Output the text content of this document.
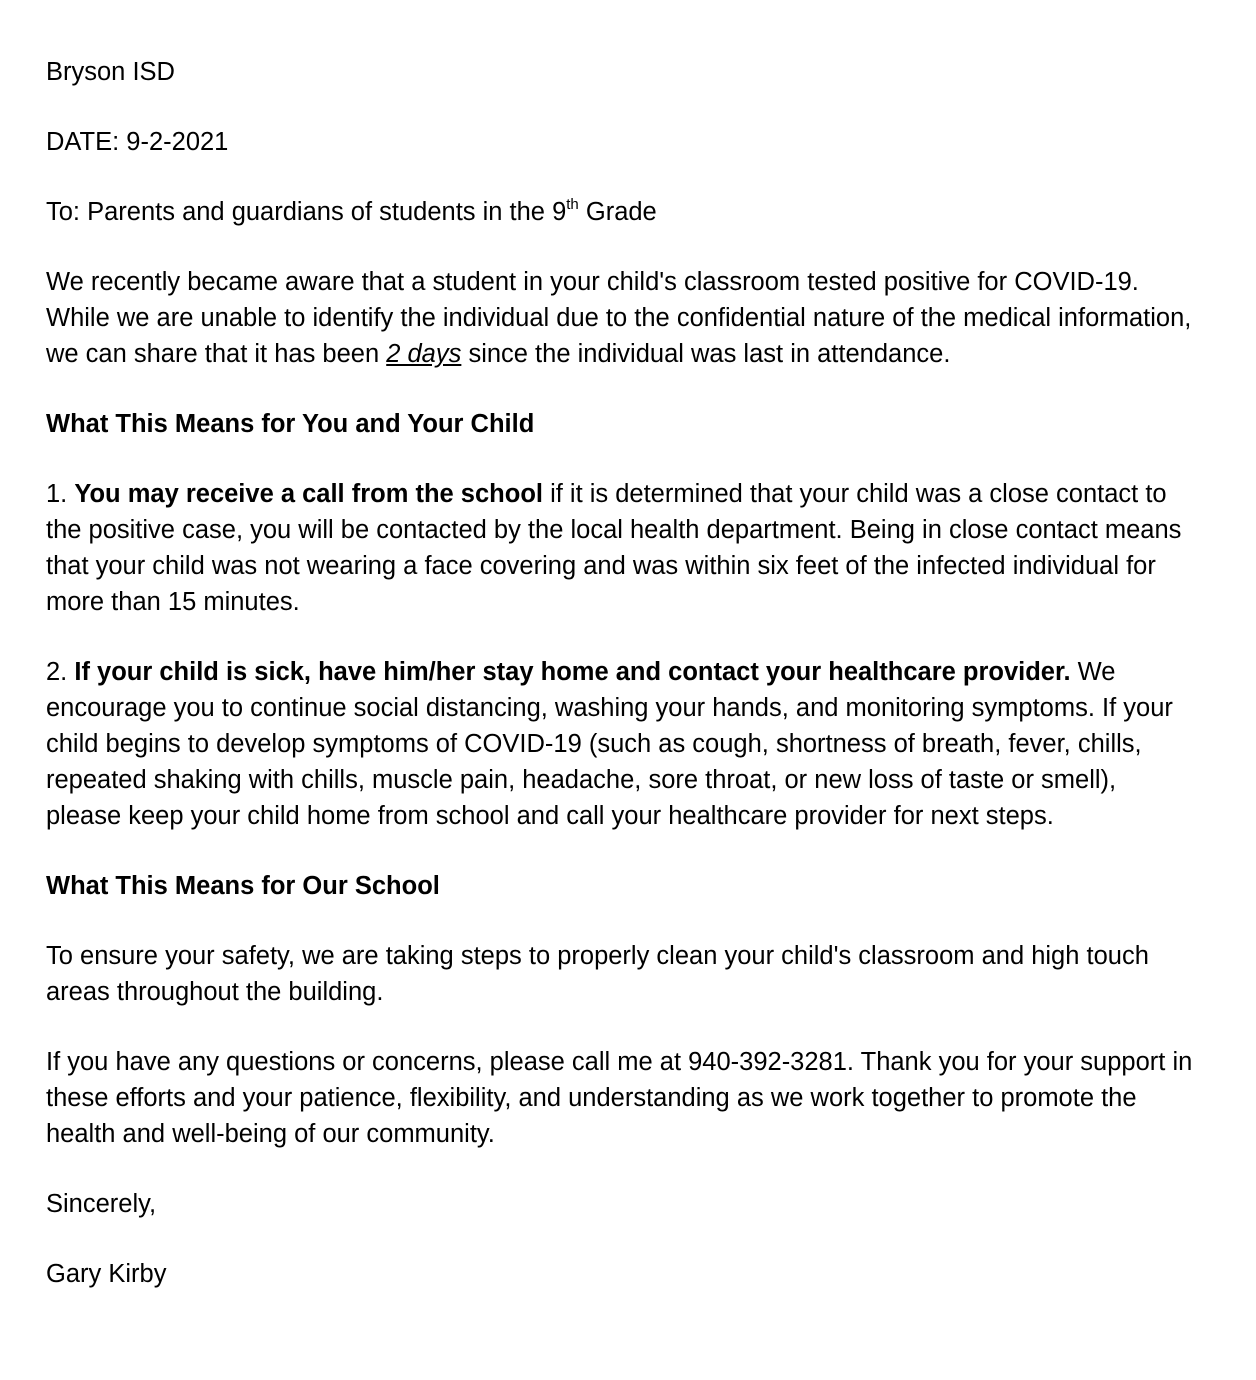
Bryson ISD

DATE: 9-2-2021

To: Parents and guardians of students in the 9th Grade

We recently became aware that a student in your child's classroom tested positive for COVID-19. While we are unable to identify the individual due to the confidential nature of the medical information, we can share that it has been 2 days since the individual was last in attendance.

What This Means for You and Your Child

1. You may receive a call from the school if it is determined that your child was a close contact to the positive case, you will be contacted by the local health department. Being in close contact means that your child was not wearing a face covering and was within six feet of the infected individual for more than 15 minutes.

2. If your child is sick, have him/her stay home and contact your healthcare provider. We encourage you to continue social distancing, washing your hands, and monitoring symptoms. If your child begins to develop symptoms of COVID-19 (such as cough, shortness of breath, fever, chills, repeated shaking with chills, muscle pain, headache, sore throat, or new loss of taste or smell), please keep your child home from school and call your healthcare provider for next steps.

What This Means for Our School

To ensure your safety, we are taking steps to properly clean your child's classroom and high touch areas throughout the building.

If you have any questions or concerns, please call me at 940-392-3281. Thank you for your support in these efforts and your patience, flexibility, and understanding as we work together to promote the health and well-being of our community.

Sincerely,

Gary Kirby
